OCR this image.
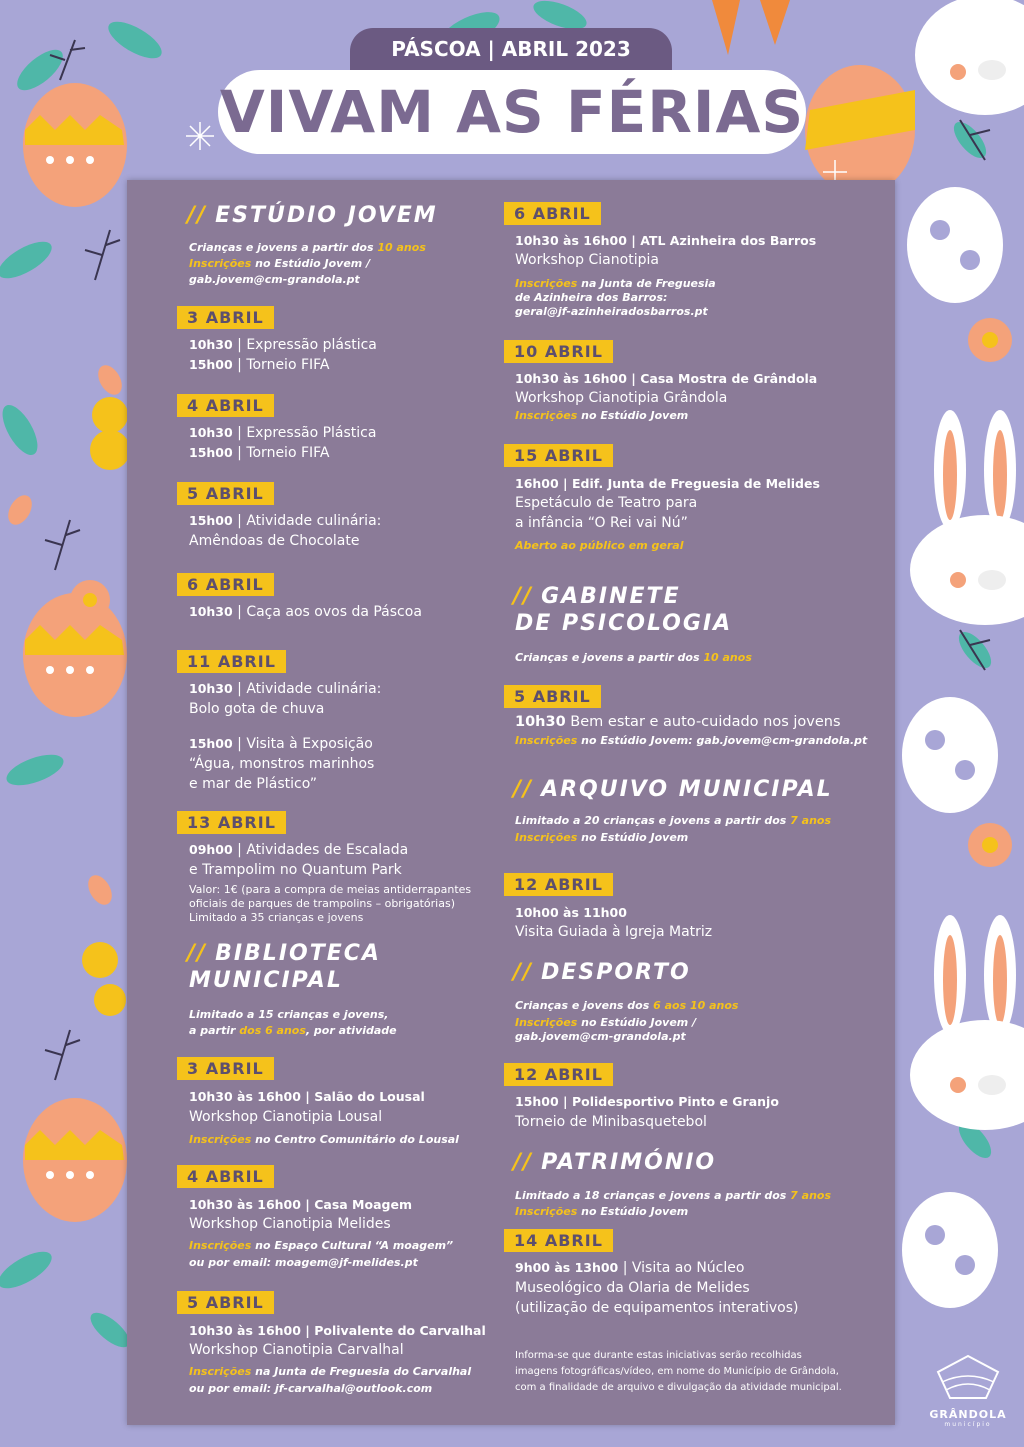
PÁSCOA | ABRIL 2023
VIVAM AS FÉRIAS
// ESTÚDIO JOVEM
Crianças e jovens a partir dos 10 anos
Inscrições no Estúdio Jovem /
gab.jovem@cm-grandola.pt
3 ABRIL
10h30 | Expressão plástica
15h00 | Torneio FIFA
4 ABRIL
10h30 | Expressão Plástica
15h00 | Torneio FIFA
5 ABRIL
15h00 | Atividade culinária:
Amêndoas de Chocolate
6 ABRIL
10h30 | Caça aos ovos da Páscoa
11 ABRIL
10h30 | Atividade culinária:
Bolo gota de chuva
15h00 | Visita à Exposição
“Água, monstros marinhos
e mar de Plástico”
13 ABRIL
09h00 | Atividades de Escalada
e Trampolim no Quantum Park
Valor: 1€ (para a compra de meias antiderrapantes
oficiais de parques de trampolins – obrigatórias)
Limitado a 35 crianças e jovens
// BIBLIOTECA
MUNICIPAL
Limitado a 15 crianças e jovens,
a partir dos 6 anos, por atividade
3 ABRIL
10h30 às 16h00 | Salão do Lousal
Workshop Cianotipia Lousal
Inscrições no Centro Comunitário do Lousal
4 ABRIL
10h30 às 16h00 | Casa Moagem
Workshop Cianotipia Melides
Inscrições no Espaço Cultural “A moagem”
ou por email: moagem@jf-melides.pt
5 ABRIL
10h30 às 16h00 | Polivalente do Carvalhal
Workshop Cianotipia Carvalhal
Inscrições na Junta de Freguesia do Carvalhal
ou por email: jf-carvalhal@outlook.com
6 ABRIL
10h30 às 16h00 | ATL Azinheira dos Barros
Workshop Cianotipia
Inscrições na Junta de Freguesia
de Azinheira dos Barros:
geral@jf-azinheiradosbarros.pt
10 ABRIL
10h30 às 16h00 | Casa Mostra de Grândola
Workshop Cianotipia Grândola
Inscrições no Estúdio Jovem
15 ABRIL
16h00 | Edif. Junta de Freguesia de Melides
Espetáculo de Teatro para
a infância “O Rei vai Nú”
Aberto ao público em geral
// GABINETE
DE PSICOLOGIA
Crianças e jovens a partir dos 10 anos
5 ABRIL
10h30 Bem estar e auto-cuidado nos jovens
Inscrições no Estúdio Jovem: gab.jovem@cm-grandola.pt
// ARQUIVO MUNICIPAL
Limitado a 20 crianças e jovens a partir dos 7 anos
Inscrições no Estúdio Jovem
12 ABRIL
10h00 às 11h00
Visita Guiada à Igreja Matriz
// DESPORTO
Crianças e jovens dos 6 aos 10 anos
Inscrições no Estúdio Jovem /
gab.jovem@cm-grandola.pt
12 ABRIL
15h00 | Polidesportivo Pinto e Granjo
Torneio de Minibasquetebol
// PATRIMÓNIO
Limitado a 18 crianças e jovens a partir dos 7 anos
Inscrições no Estúdio Jovem
14 ABRIL
9h00 às 13h00 | Visita ao Núcleo
Museológico da Olaria de Melides
(utilização de equipamentos interativos)
Informa-se que durante estas iniciativas serão recolhidas
imagens fotográficas/vídeo, em nome do Município de Grândola,
com a finalidade de arquivo e divulgação da atividade municipal.
GRÂNDOLA
município
